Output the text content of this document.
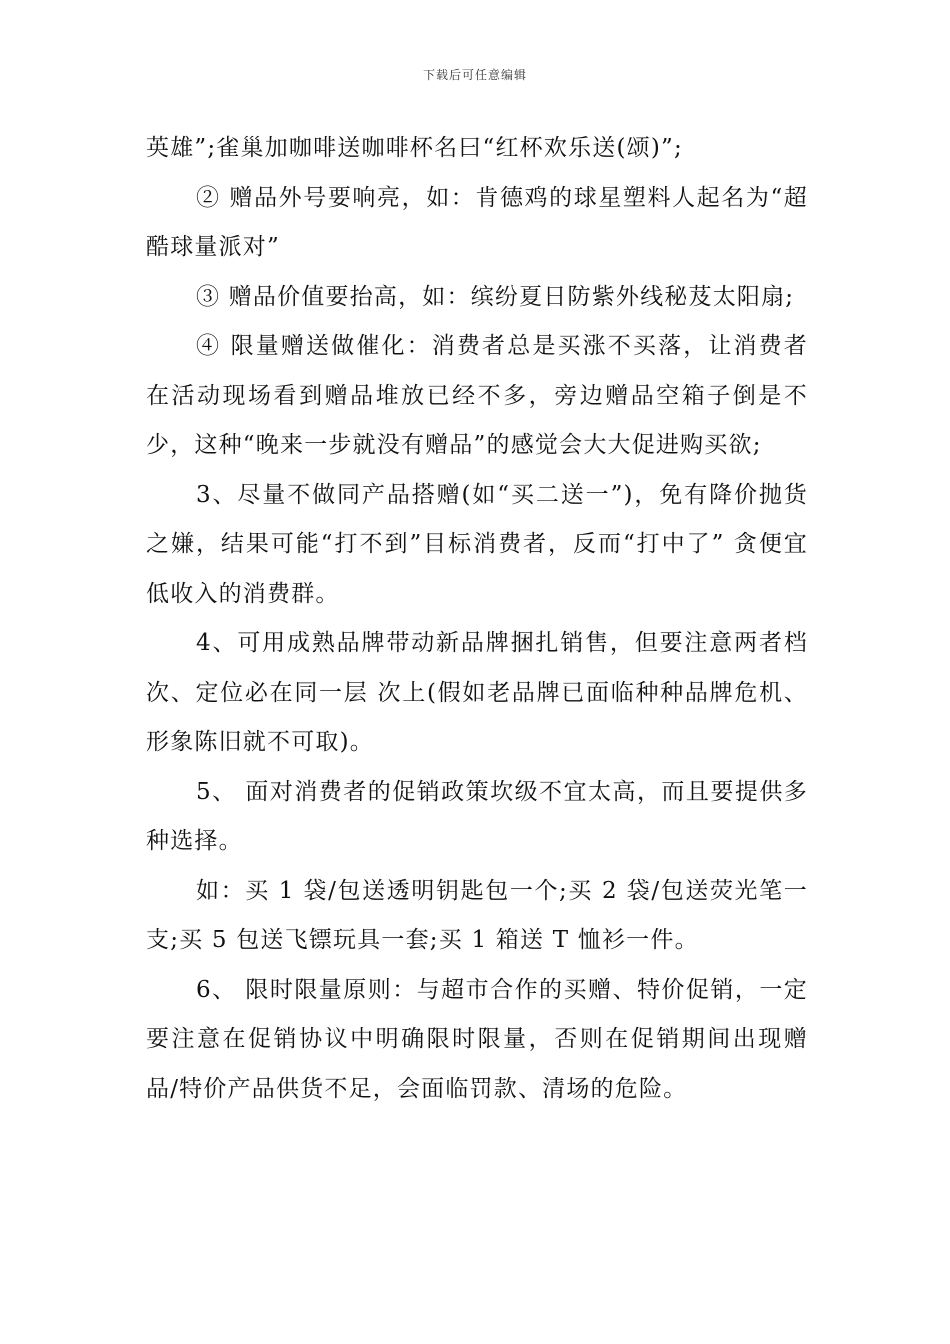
下载后可任意编辑

英雄”;雀巢加咖啡送咖啡杯名曰“红杯欢乐送(颂)”;

② 赠品外号要响亮，如：肯德鸡的球星塑料人起名为“超酷球量派对”

③ 赠品价值要抬高，如：缤纷夏日防紫外线秘芨太阳扇;

④ 限量赠送做催化：消费者总是买涨不买落，让消费者在活动现场看到赠品堆放已经不多，旁边赠品空箱子倒是不少，这种“晚来一步就没有赠品”的感觉会大大促进购买欲;

3、尽量不做同产品搭赠(如“买二送一”)，免有降价抛货之嫌，结果可能“打不到”目标消费者，反而“打中了” 贪便宜低收入的消费群。

4、可用成熟品牌带动新品牌捆扎销售，但要注意两者档次、定位必在同一层 次上(假如老品牌已面临种种品牌危机、形象陈旧就不可取)。

5、 面对消费者的促销政策坎级不宜太高，而且要提供多种选择。

如：买 1 袋/包送透明钥匙包一个;买 2 袋/包送荧光笔一支;买 5 包送飞镖玩具一套;买 1 箱送 T 恤衫一件。

6、 限时限量原则：与超市合作的买赠、特价促销，一定要注意在促销协议中明确限时限量，否则在促销期间出现赠品/特价产品供货不足，会面临罚款、清场的危险。
